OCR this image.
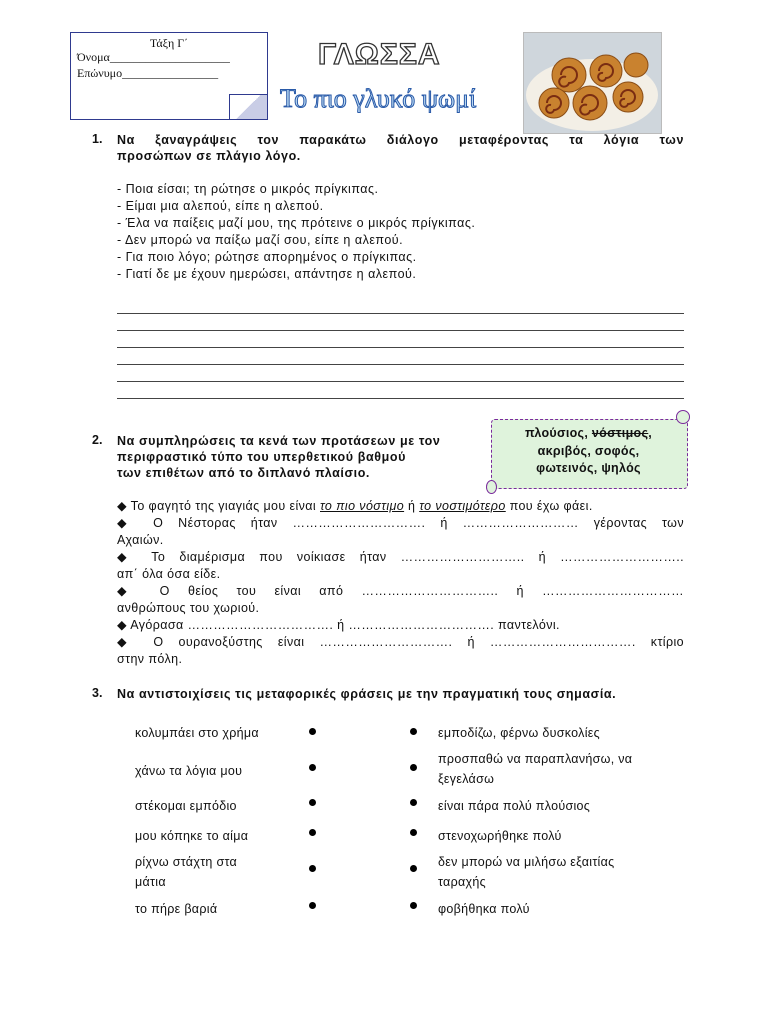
Τάξη Γ΄
Όνομα____________________
Επώνυμο________________
ΓΛΩΣΣΑ
Το πιο γλυκό ψωμί
1. Να ξαναγράψεις τον παρακάτω διάλογο μεταφέροντας τα λόγια των
προσώπων σε πλάγιο λόγο.
- Ποια είσαι; τη ρώτησε ο μικρός πρίγκιπας.
- Είμαι μια αλεπού, είπε η αλεπού.
- Έλα να παίξεις μαζί μου, της πρότεινε ο μικρός πρίγκιπας.
- Δεν μπορώ να παίξω μαζί σου, είπε η αλεπού.
- Για ποιο λόγο; ρώτησε απορημένος ο πρίγκιπας.
- Γιατί δε με έχουν ημερώσει, απάντησε η αλεπού.
2. Να συμπληρώσεις τα κενά των προτάσεων με τον
περιφραστικό τύπο του υπερθετικού βαθμού
των επιθέτων από το διπλανό πλαίσιο.
πλούσιος, νόστιμος,
ακριβός, σοφός,
φωτεινός, ψηλός
◆ Το φαγητό της γιαγιάς μου είναι το πιο νόστιμο ή το νοστιμότερο που έχω φάει.
◆ Ο Νέστορας ήταν …………………………. ή ……………………… γέροντας των
Αχαιών.
◆ Το διαμέρισμα που νοίκιασε ήταν ……………………….. ή ………………………..
απ΄ όλα όσα είδε.
◆ Ο θείος του είναι από ………………………….. ή ……………………………
ανθρώπους του χωριού.
◆ Αγόρασα ……………………………. ή ……………………………. παντελόνι.
◆ Ο ουρανοξύστης είναι …………………………. ή ……………………………. κτίριο
στην πόλη.
3. Να αντιστοιχίσεις τις μεταφορικές φράσεις με την πραγματική τους σημασία.
κολυμπάει στο χρήμα
χάνω τα λόγια μου
στέκομαι εμπόδιο
μου κόπηκε το αίμα
ρίχνω στάχτη στα
μάτια
το πήρε βαριά
εμποδίζω, φέρνω δυσκολίες
προσπαθώ να παραπλανήσω, να
ξεγελάσω
είναι πάρα πολύ πλούσιος
στενοχωρήθηκε πολύ
δεν μπορώ να μιλήσω εξαιτίας
ταραχής
φοβήθηκα πολύ
